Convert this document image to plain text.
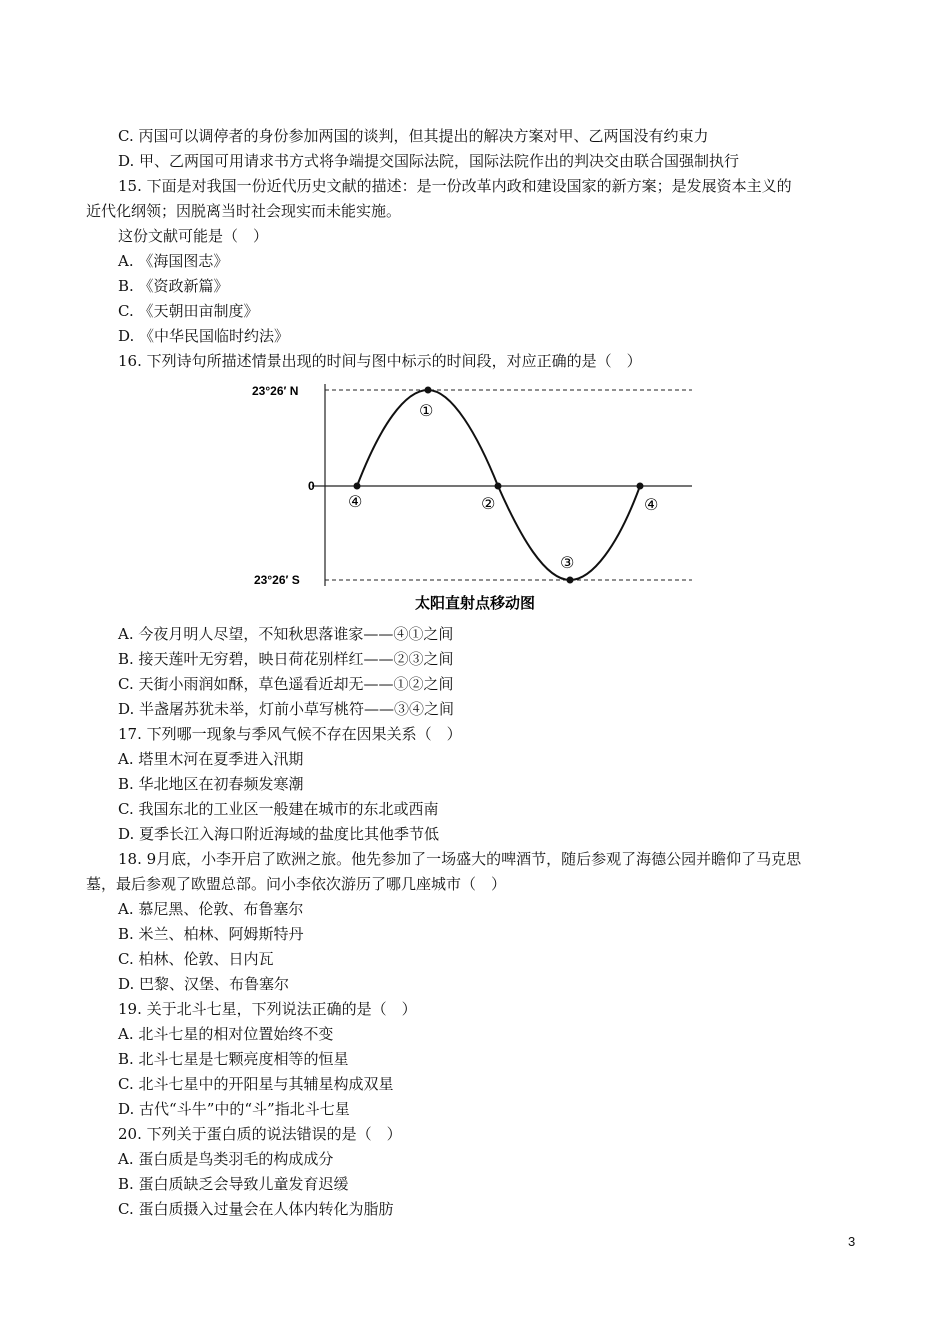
C. 丙国可以调停者的身份参加两国的谈判，但其提出的解决方案对甲、乙两国没有约束力
D. 甲、乙两国可用请求书方式将争端提交国际法院，国际法院作出的判决交由联合国强制执行
15. 下面是对我国一份近代历史文献的描述：是一份改革内政和建设国家的新方案；是发展资本主义的
近代化纲领；因脱离当时社会现实而未能实施。
这份文献可能是（　）
A. 《海国图志》
B. 《资政新篇》
C. 《天朝田亩制度》
D. 《中华民国临时约法》
16. 下列诗句所描述情景出现的时间与图中标示的时间段，对应正确的是（　）
23°26′ N
0
23°26′ S
①
④	②
③
④
太阳直射点移动图
A. 今夜月明人尽望，不知秋思落谁家——④①之间
B. 接天莲叶无穷碧，映日荷花别样红——②③之间
C. 天街小雨润如酥，草色遥看近却无——①②之间
D. 半盏屠苏犹未举，灯前小草写桃符——③④之间
17. 下列哪一现象与季风气候不存在因果关系（　）
A. 塔里木河在夏季进入汛期
B. 华北地区在初春频发寒潮
C. 我国东北的工业区一般建在城市的东北或西南
D. 夏季长江入海口附近海域的盐度比其他季节低
18. 9月底，小李开启了欧洲之旅。他先参加了一场盛大的啤酒节，随后参观了海德公园并瞻仰了马克思
墓，最后参观了欧盟总部。问小李依次游历了哪几座城市（　）
A. 慕尼黑、伦敦、布鲁塞尔
B. 米兰、柏林、阿姆斯特丹
C. 柏林、伦敦、日内瓦
D. 巴黎、汉堡、布鲁塞尔
19. 关于北斗七星，下列说法正确的是（　）
A. 北斗七星的相对位置始终不变
B. 北斗七星是七颗亮度相等的恒星
C. 北斗七星中的开阳星与其辅星构成双星
D. 古代“斗牛”中的“斗”指北斗七星
20. 下列关于蛋白质的说法错误的是（　）
A. 蛋白质是鸟类羽毛的构成成分
B. 蛋白质缺乏会导致儿童发育迟缓
C. 蛋白质摄入过量会在人体内转化为脂肪
3
